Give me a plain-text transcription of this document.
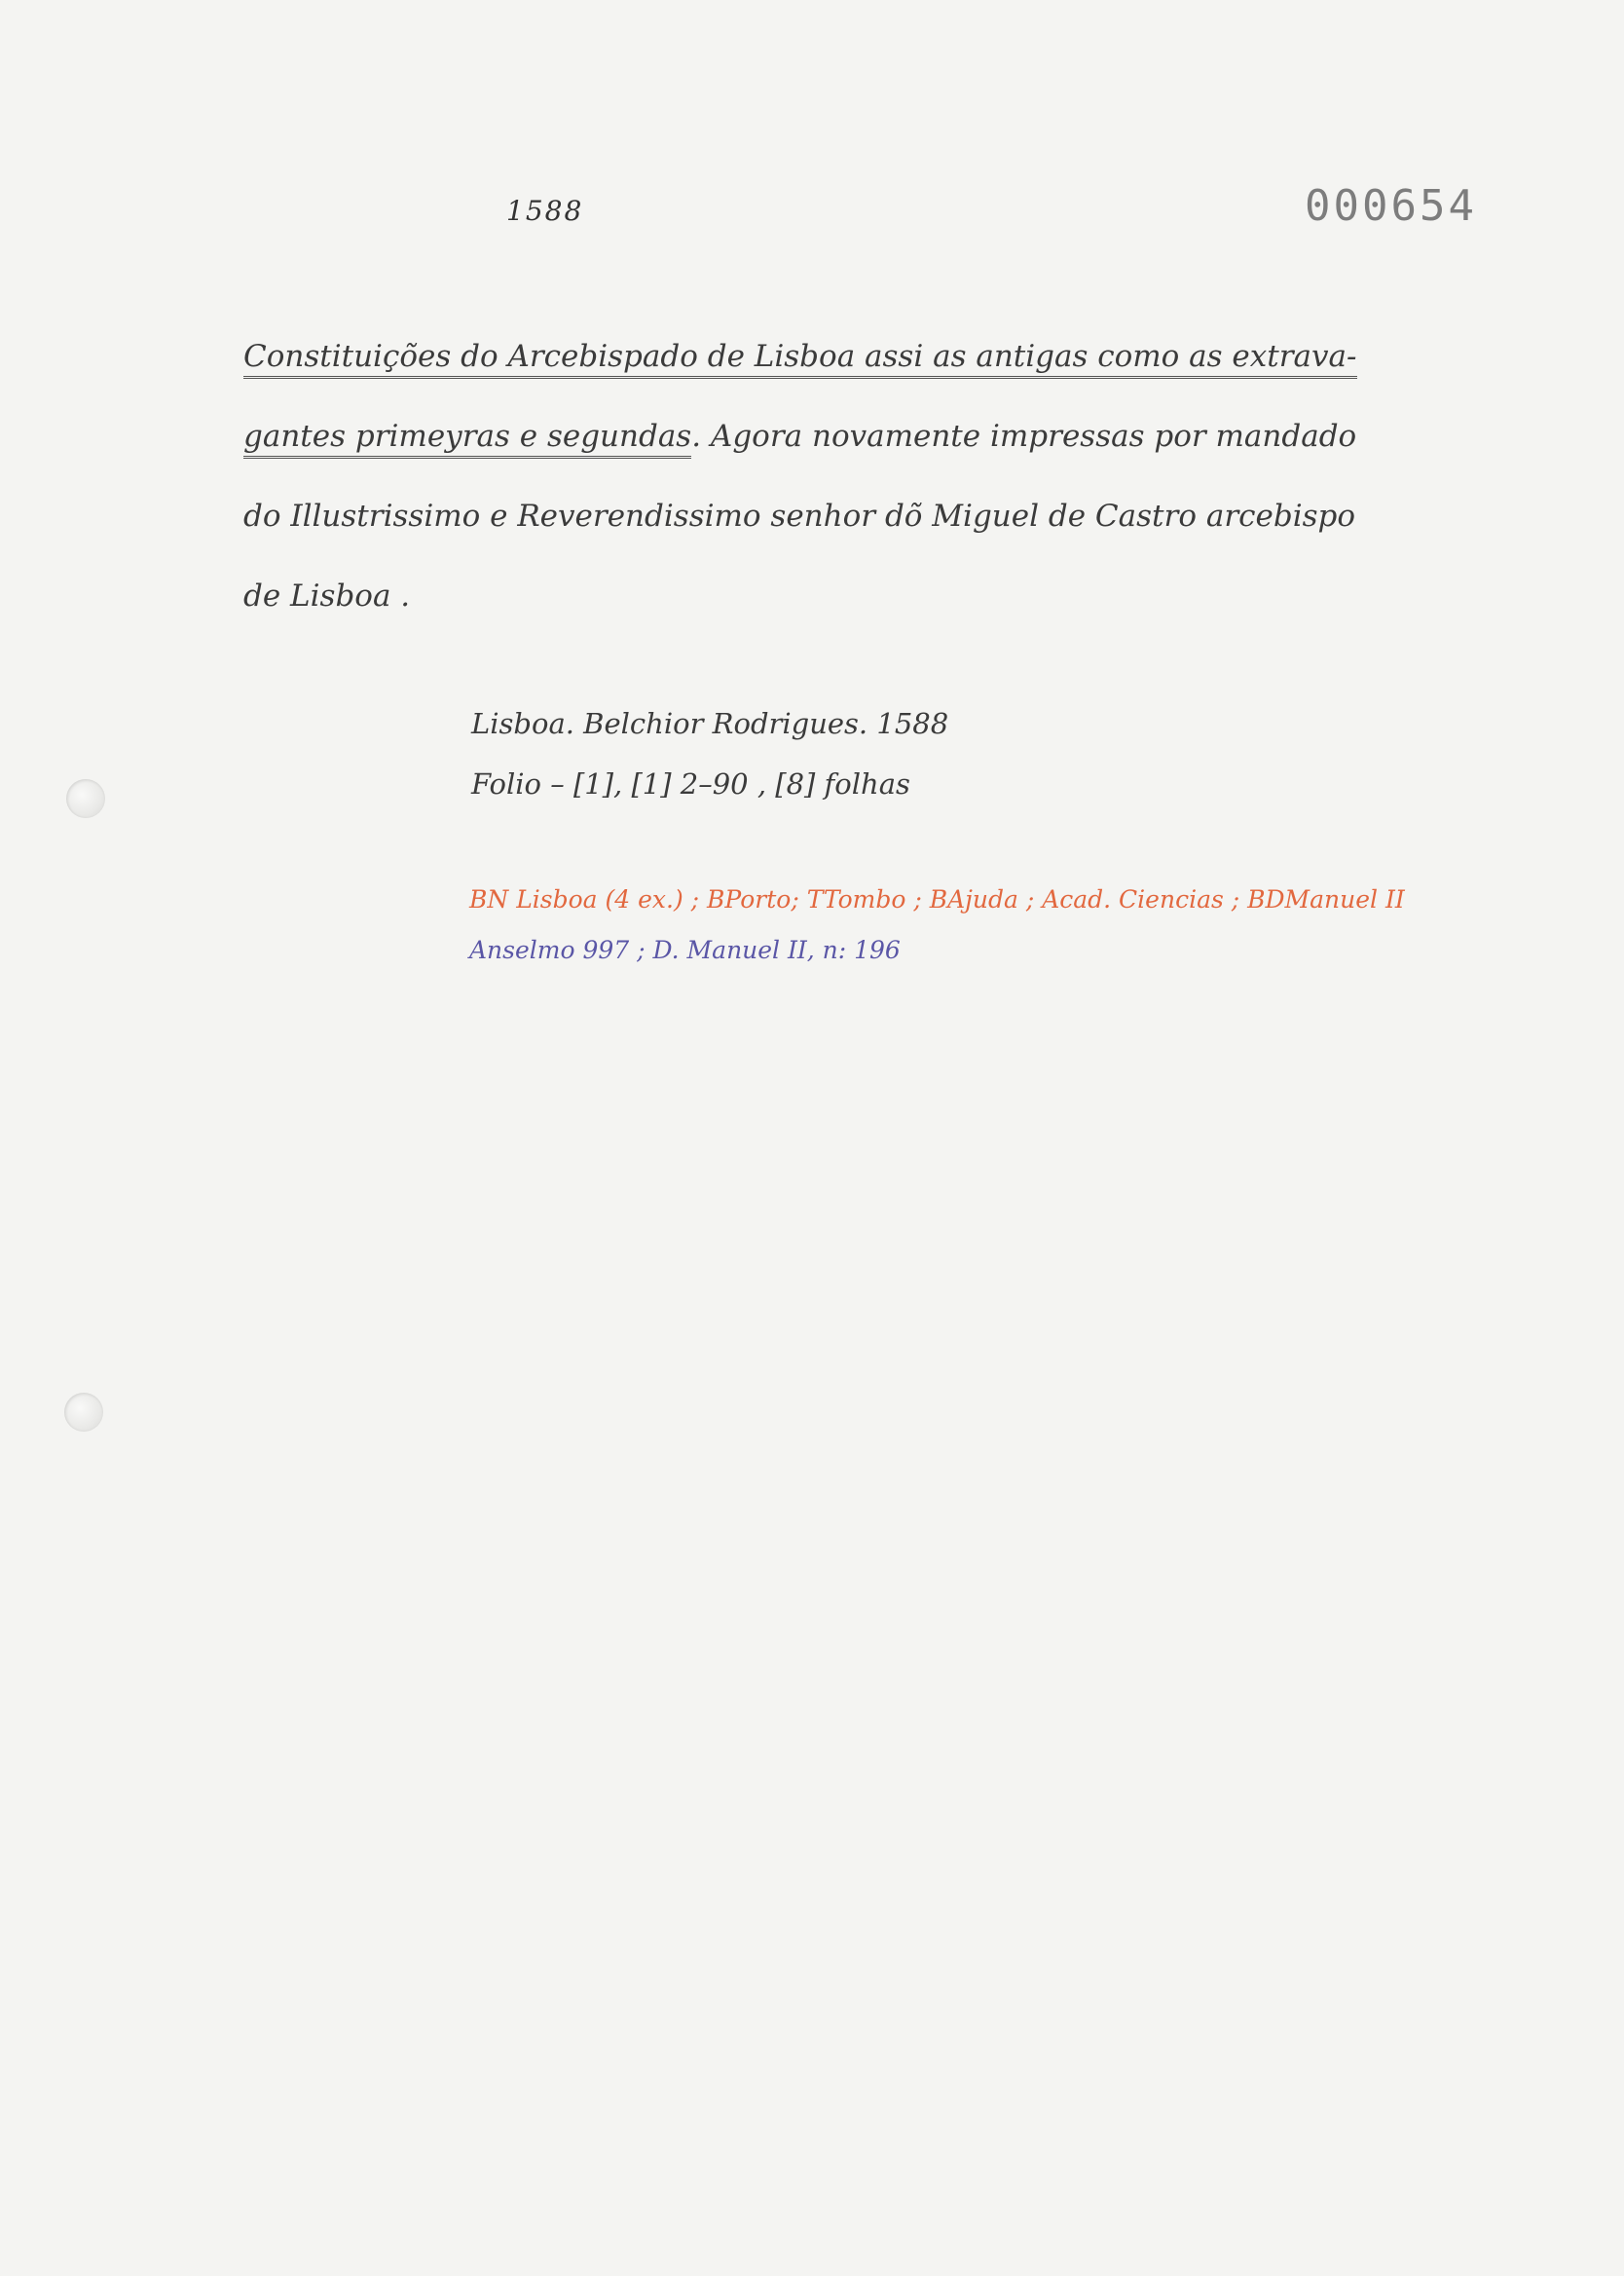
1588	000654

Constituições do Arcebispado de Lisboa assi as antigas como as extrava-

gantes primeyras e segundas. Agora novamente impressas por mandado

do Illustrissimo e Reverendissimo senhor dõ Miguel de Castro arcebispo

de Lisboa .

Lisboa. Belchior Rodrigues. 1588

Folio – [1], [1] 2–90 , [8] folhas

BN Lisboa (4 ex.) ; BPorto; TTombo ; BAjuda ; Acad. Ciencias ; BDManuel II

Anselmo 997 ; D. Manuel II, n: 196
